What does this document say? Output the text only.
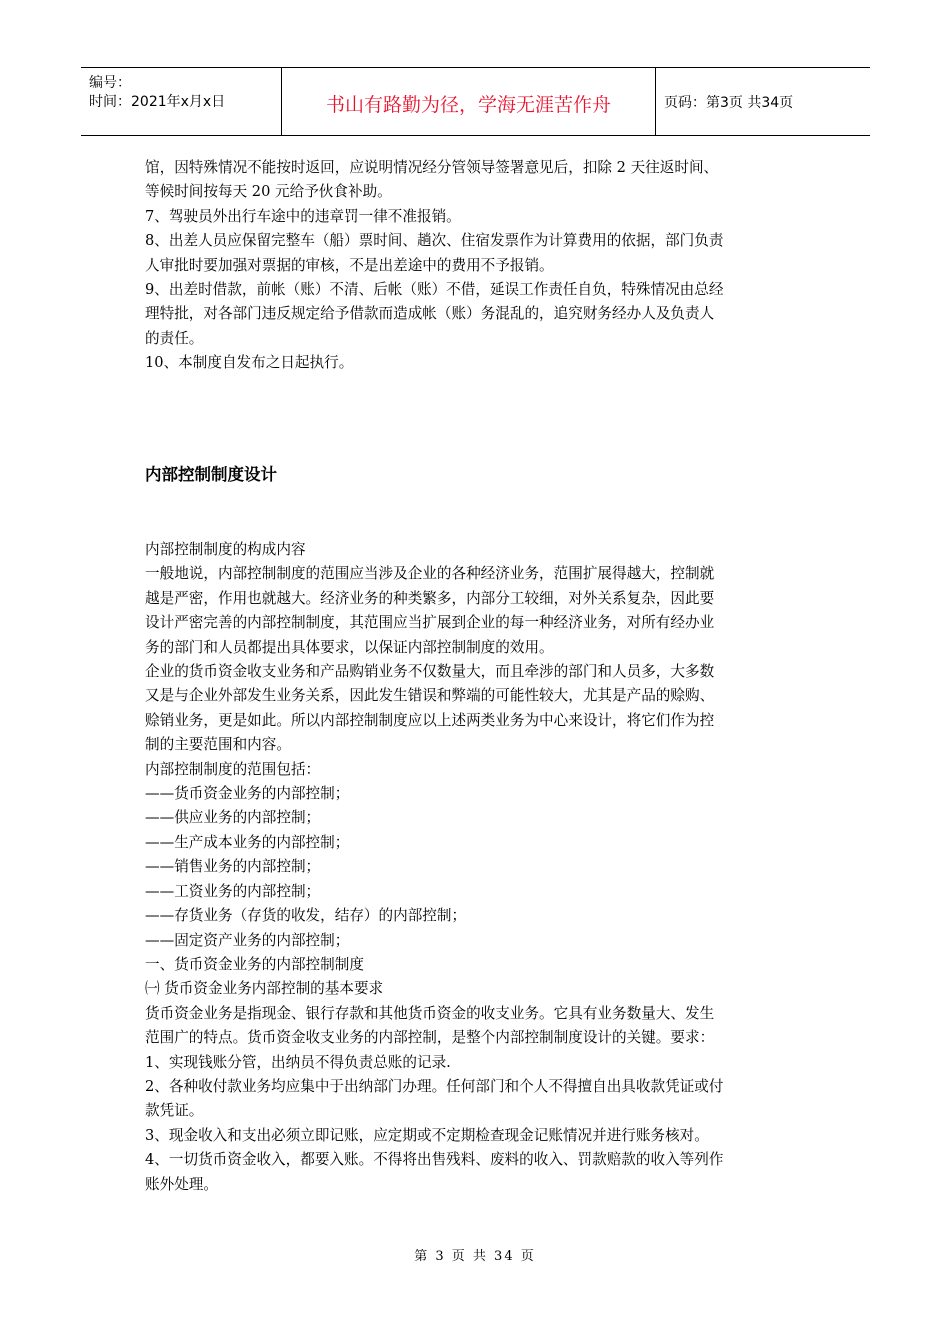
编号：
时间：2021年x月x日	书山有路勤为径，学海无涯苦作舟	页码：第3页 共34页

馆，因特殊情况不能按时返回，应说明情况经分管领导签署意见后，扣除 2 天往返时间、

等候时间按每天 20 元给予伙食补助。

7、驾驶员外出行车途中的违章罚一律不准报销。

8、出差人员应保留完整车（船）票时间、趟次、住宿发票作为计算费用的依据，部门负责

人审批时要加强对票据的审核，不是出差途中的费用不予报销。

9、出差时借款，前帐（账）不清、后帐（账）不借，延误工作责任自负，特殊情况由总经

理特批，对各部门违反规定给予借款而造成帐（账）务混乱的，追究财务经办人及负责人

的责任。

10、本制度自发布之日起执行。

内部控制制度设计

内部控制制度的构成内容

一般地说，内部控制制度的范围应当涉及企业的各种经济业务，范围扩展得越大，控制就

越是严密，作用也就越大。经济业务的种类繁多，内部分工较细，对外关系复杂，因此要

设计严密完善的内部控制制度，其范围应当扩展到企业的每一种经济业务，对所有经办业

务的部门和人员都提出具体要求，以保证内部控制制度的效用。

企业的货币资金收支业务和产品购销业务不仅数量大，而且牵涉的部门和人员多，大多数

又是与企业外部发生业务关系，因此发生错误和弊端的可能性较大，尤其是产品的赊购、

赊销业务，更是如此。所以内部控制制度应以上述两类业务为中心来设计，将它们作为控

制的主要范围和内容。

内部控制制度的范围包括：

——货币资金业务的内部控制；

——供应业务的内部控制；

——生产成本业务的内部控制；

——销售业务的内部控制；

——工资业务的内部控制；

——存货业务（存货的收发，结存）的内部控制；

——固定资产业务的内部控制；

一、货币资金业务的内部控制制度

㈠ 货币资金业务内部控制的基本要求

货币资金业务是指现金、银行存款和其他货币资金的收支业务。它具有业务数量大、发生

范围广的特点。货币资金收支业务的内部控制，是整个内部控制制度设计的关键。要求：

1、实现钱账分管，出纳员不得负责总账的记录.

2、各种收付款业务均应集中于出纳部门办理。任何部门和个人不得擅自出具收款凭证或付

款凭证。

3、现金收入和支出必须立即记账，应定期或不定期检查现金记账情况并进行账务核对。

4、一切货币资金收入，都要入账。不得将出售残料、废料的收入、罚款赔款的收入等列作

账外处理。

第 3 页 共 34 页
